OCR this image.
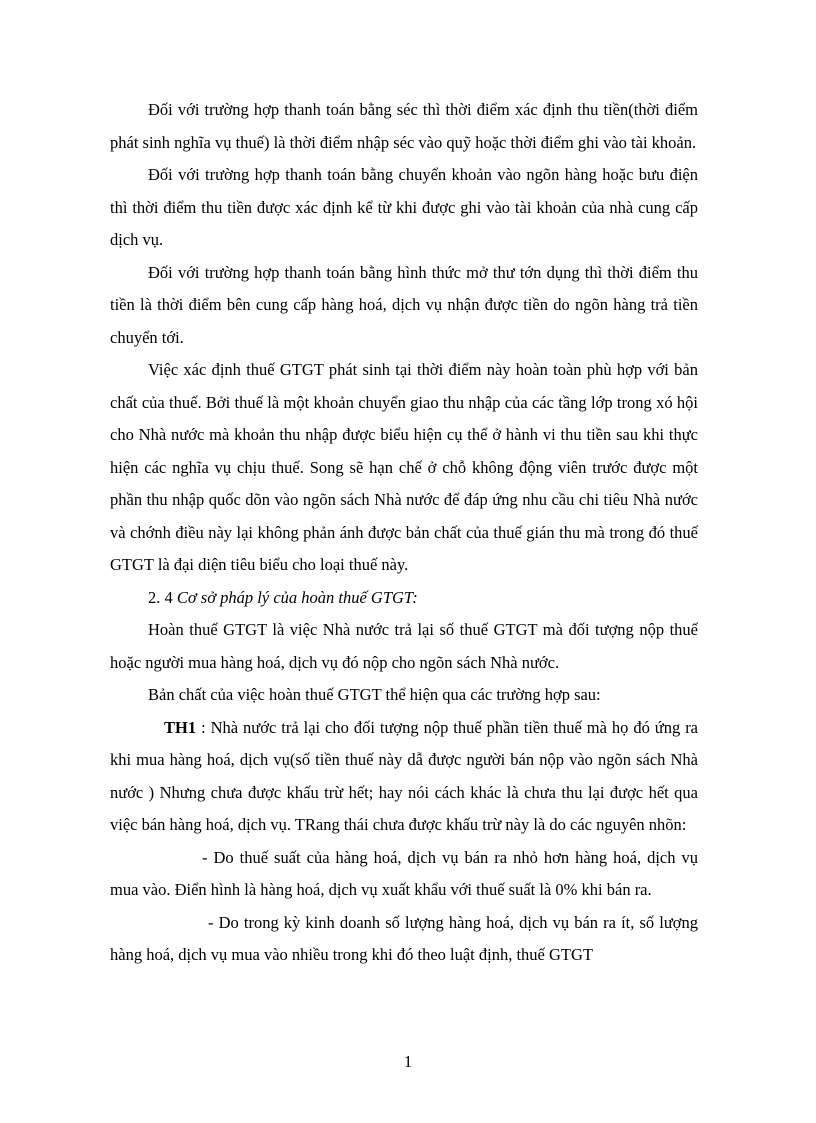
Đối với trường hợp thanh toán bằng séc thì thời điểm xác định thu tiền(thời điểm phát sinh nghĩa vụ thuế) là thời điểm nhập séc vào quỹ hoặc thời điểm ghi vào tài khoản.

Đối với trường hợp thanh toán bằng chuyển khoản vào ngõn hàng hoặc bưu điện thì thời điểm thu tiền được xác định kể từ khi được ghi vào tài khoản của nhà cung cấp dịch vụ.

Đối với trường hợp thanh toán bằng hình thức mở thư tớn dụng thì thời điểm thu tiền là thời điểm bên cung cấp hàng hoá, dịch vụ nhận được tiền do ngõn hàng trả tiền chuyển tới.

Việc xác định thuế GTGT phát sinh tại thời điểm này hoàn toàn phù hợp với bản chất của thuế. Bởi thuế là một khoản chuyển giao thu nhập của các tầng lớp trong xó hội cho Nhà nước mà khoản thu nhập được biểu hiện cụ thể ở hành vi thu tiền sau khi thực hiện các nghĩa vụ chịu thuế. Song sẽ hạn chế ở chỗ không động viên trước được một phần thu nhập quốc dõn vào ngõn sách Nhà nước để đáp ứng nhu cầu chi tiêu Nhà nước và chớnh điều này lại không phản ánh được bản chất của thuế gián thu mà trong đó thuế GTGT là đại diện tiêu biểu cho loại thuế này.

2. 4 Cơ sở pháp lý của hoàn thuế GTGT:

Hoàn thuế GTGT là việc Nhà nước trả lại số thuế GTGT mà đối tượng nộp thuế hoặc người mua hàng hoá, dịch vụ đó nộp cho ngõn sách Nhà nước.

Bản chất của việc hoàn thuế GTGT thể hiện qua các trường hợp sau:

TH1 : Nhà nước trả lại cho đối tượng nộp thuế phần tiền thuế mà họ đó ứng ra khi mua hàng hoá, dịch vụ(số tiền thuế này dẫ được người bán nộp vào ngõn sách Nhà nước ) Nhưng chưa được khấu trừ hết; hay nói cách khác là chưa thu lại được hết qua việc bán hàng hoá, dịch vụ. TRang thái chưa được khấu trừ này là do các nguyên nhõn:

- Do thuế suất của hàng hoá, dịch vụ bán ra nhỏ hơn hàng hoá, dịch vụ mua vào. Điển hình là hàng hoá, dịch vụ xuất khẩu với thuế suất là 0% khi bán ra.

- Do trong kỳ kinh doanh số lượng hàng hoá, dịch vụ bán ra ít, số lượng hàng hoá, dịch vụ mua vào nhiều trong khi đó theo luật định, thuế GTGT

1
